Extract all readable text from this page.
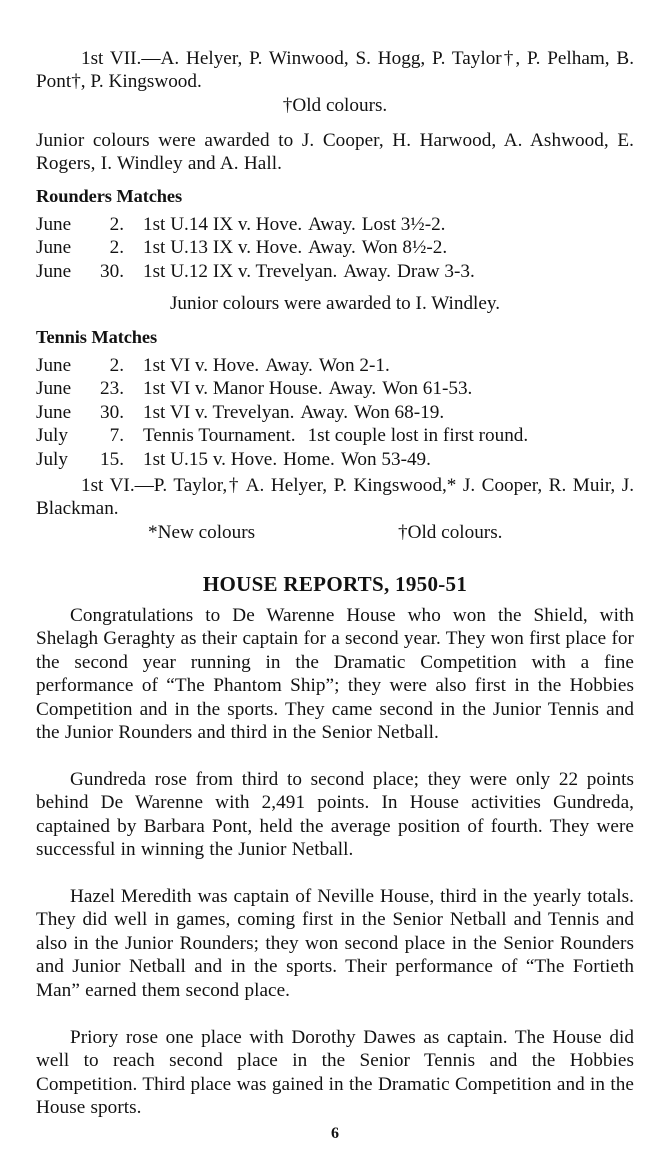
1st VII.—A. Helyer, P. Winwood, S. Hogg, P. Taylor†, P. Pelham, B. Pont†, P. Kingswood.

†Old colours.

Junior colours were awarded to J. Cooper, H. Harwood, A. Ashwood, E. Rogers, I. Windley and A. Hall.

Rounders Matches
June	2. 1st U.14 IX v. Hove. Away. Lost 3½-2.
June	2. 1st U.13 IX v. Hove. Away. Won 8½-2.
June	30. 1st U.12 IX v. Trevelyan. Away. Draw 3-3.

Junior colours were awarded to I. Windley.

Tennis Matches
June	2. 1st VI v. Hove. Away. Won 2-1.
June	23. 1st VI v. Manor House. Away. Won 61-53.
June	30. 1st VI v. Trevelyan. Away. Won 68-19.
July	7. Tennis Tournament. 1st couple lost in first round.
July	15. 1st U.15 v. Hove. Home. Won 53-49.

1st VI.—P. Taylor,† A. Helyer, P. Kingswood,* J. Cooper, R. Muir, J. Blackman.

*New colours	†Old colours.
HOUSE REPORTS, 1950-51

Congratulations to De Warenne House who won the Shield, with Shelagh Geraghty as their captain for a second year. They won first place for the second year running in the Dramatic Competition with a fine performance of “The Phantom Ship”; they were also first in the Hobbies Competition and in the sports. They came second in the Junior Tennis and the Junior Rounders and third in the Senior Netball.

Gundreda rose from third to second place; they were only 22 points behind De Warenne with 2,491 points. In House activities Gundreda, captained by Barbara Pont, held the average position of fourth. They were successful in winning the Junior Netball.

Hazel Meredith was captain of Neville House, third in the yearly totals. They did well in games, coming first in the Senior Netball and Tennis and also in the Junior Rounders; they won second place in the Senior Rounders and Junior Netball and in the sports. Their performance of “The Fortieth Man” earned them second place.

Priory rose one place with Dorothy Dawes as captain. The House did well to reach second place in the Senior Tennis and the Hobbies Competition. Third place was gained in the Dramatic Competition and in the House sports.

6
